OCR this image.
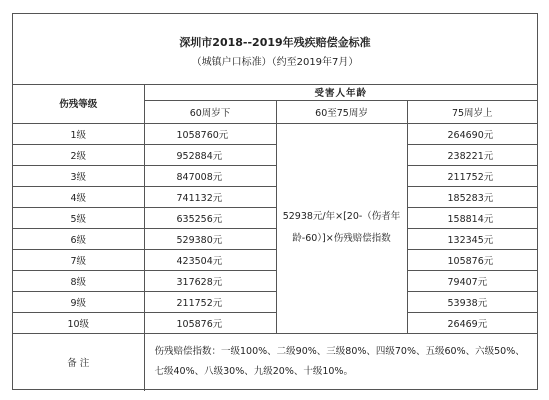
深圳市2018--2019年残疾赔偿金标准
（城镇户口标准）（约至2019年7月）
伤残等级	受害人年龄		
	60周岁下	60至75周岁	75周岁上
1级	1058760元	52938元/年×[20-（伤者年龄-60）]×伤残赔偿指数	264690元
2级	952884元		238221元
3级	847008元		211752元
4级	741132元		185283元
5级	635256元		158814元
6级	529380元		132345元
7级	423504元		105876元
8级	317628元		79407元
9级	211752元		53938元
10级	105876元		26469元
备 注	伤残赔偿指数：一级100%、二级90%、三级80%、四级70%、五级60%、六级50%、七级40%、八级30%、九级20%、十级10%。		
